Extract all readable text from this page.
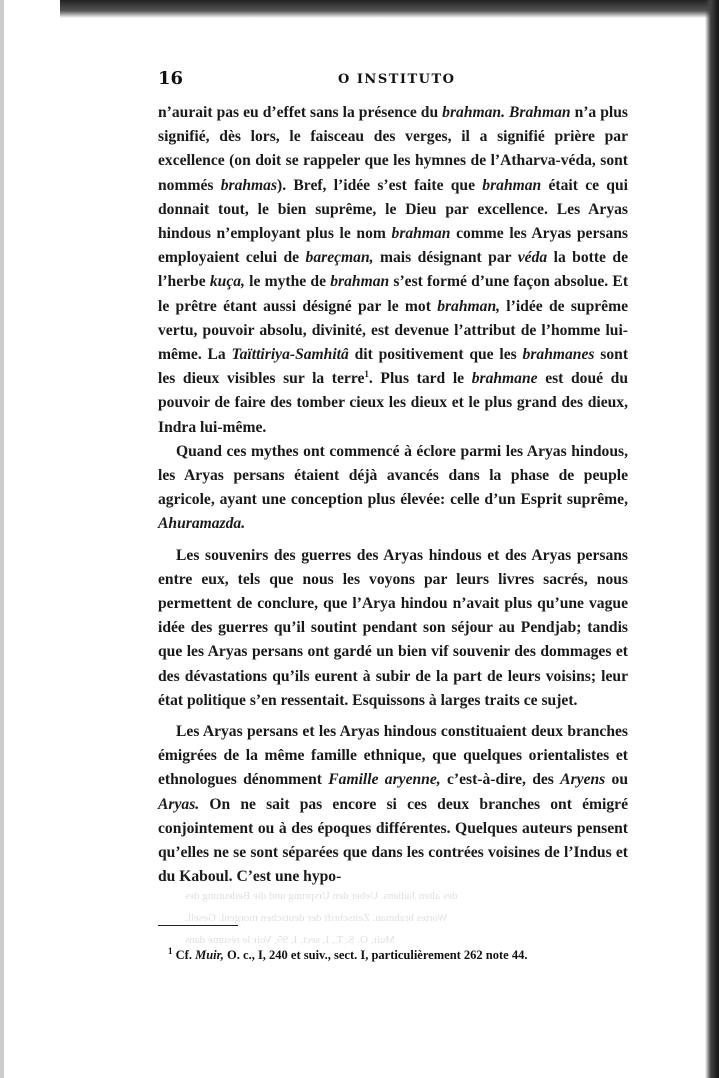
des alten Jadiens. Ueber den Ursprung und die Bedeutung des
Wortes brahman. Zeitschrift der deutschen morgenl. Gesell.
Muir, O. S. T., I, sect. I, 95, Voir le résumé dans
16	O INSTITUTO

n’aurait pas eu d’effet sans la présence du brahman. Brahman n’a plus signifié, dès lors, le faisceau des verges, il a signifié prière par excellence (on doit se rappeler que les hymnes de l’Atharva-véda, sont nommés brahmas). Bref, l’idée s’est faite que brahman était ce qui donnait tout, le bien suprême, le Dieu par excellence. Les Aryas hindous n’employant plus le nom brahman comme les Aryas persans employaient celui de bareçman, mais désignant par véda la botte de l’herbe kuça, le mythe de brahman s’est formé d’une façon absolue. Et le prêtre étant aussi désigné par le mot brahman, l’idée de suprême vertu, pouvoir absolu, divinité, est devenue l’attribut de l’homme lui-même. La Taïttiriya-Samhitâ dit positivement que les brahmanes sont les dieux visibles sur la terre$^1$. Plus tard le brahmane est doué du pouvoir de faire des tomber cieux les dieux et le plus grand des dieux, Indra lui-même.

Quand ces mythes ont commencé à éclore parmi les Aryas hindous, les Aryas persans étaient déjà avancés dans la phase de peuple agricole, ayant une conception plus élevée: celle d’un Esprit suprême, Ahuramazda.

Les souvenirs des guerres des Aryas hindous et des Aryas persans entre eux, tels que nous les voyons par leurs livres sacrés, nous permettent de conclure, que l’Arya hindou n’avait plus qu’une vague idée des guerres qu’il soutint pendant son séjour au Pendjab; tandis que les Aryas persans ont gardé un bien vif souvenir des dommages et des dévastations qu’ils eurent à subir de la part de leurs voisins; leur état politique s’en ressentait. Esquissons à larges traits ce sujet.

Les Aryas persans et les Aryas hindous constituaient deux branches émigrées de la même famille ethnique, que quelques orientalistes et ethnologues dénomment Famille aryenne, c’est-à-dire, des Aryens ou Aryas. On ne sait pas encore si ces deux branches ont émigré conjointement ou à des époques différentes. Quelques auteurs pensent qu’elles ne se sont séparées que dans les contrées voisines de l’Indus et du Kaboul. C’est une hypo-

$^1$ Cf. Muir, O. c., I, 240 et suiv., sect. I, particulièrement 262 note 44.
